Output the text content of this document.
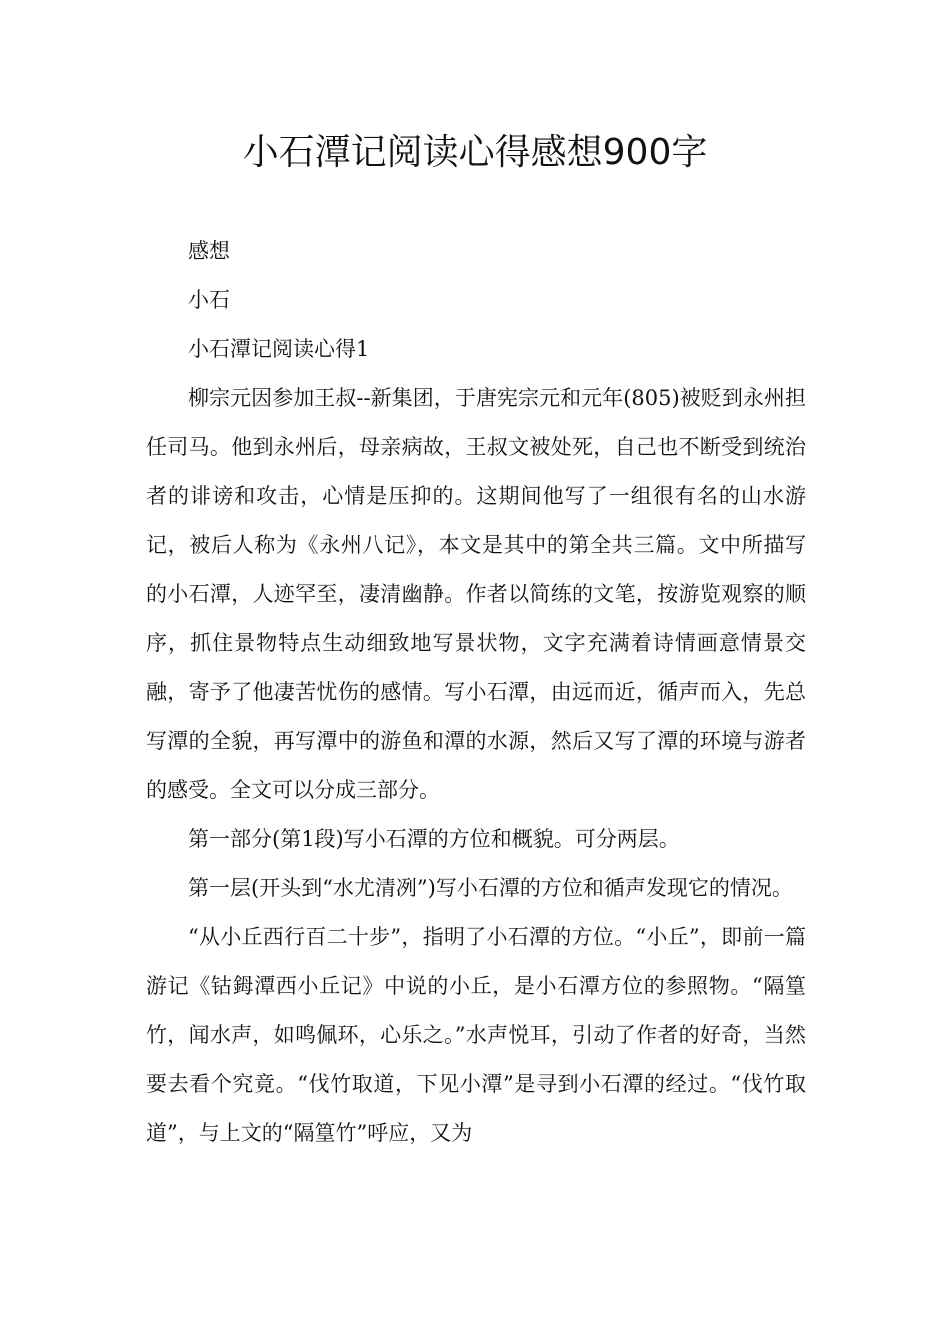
小石潭记阅读心得感想900字

感想

小石

小石潭记阅读心得1

柳宗元因参加王叔--新集团，于唐宪宗元和元年(805)被贬到永州担任司马。他到永州后，母亲病故，王叔文被处死，自己也不断受到统治者的诽谤和攻击，心情是压抑的。这期间他写了一组很有名的山水游记，被后人称为《永州八记》，本文是其中的第全共三篇。文中所描写的小石潭，人迹罕至，凄清幽静。作者以简练的文笔，按游览观察的顺序，抓住景物特点生动细致地写景状物，文字充满着诗情画意情景交融，寄予了他凄苦忧伤的感情。写小石潭，由远而近，循声而入，先总写潭的全貌，再写潭中的游鱼和潭的水源，然后又写了潭的环境与游者的感受。全文可以分成三部分。

第一部分(第1段)写小石潭的方位和概貌。可分两层。

第一层(开头到“水尤清冽”)写小石潭的方位和循声发现它的情况。

“从小丘西行百二十步”，指明了小石潭的方位。“小丘”，即前一篇游记《钴鉧潭西小丘记》中说的小丘，是小石潭方位的参照物。“隔篁竹，闻水声，如鸣佩环，心乐之。”水声悦耳，引动了作者的好奇，当然要去看个究竟。“伐竹取道，下见小潭”是寻到小石潭的经过。“伐竹取道”，与上文的“隔篁竹”呼应，又为
